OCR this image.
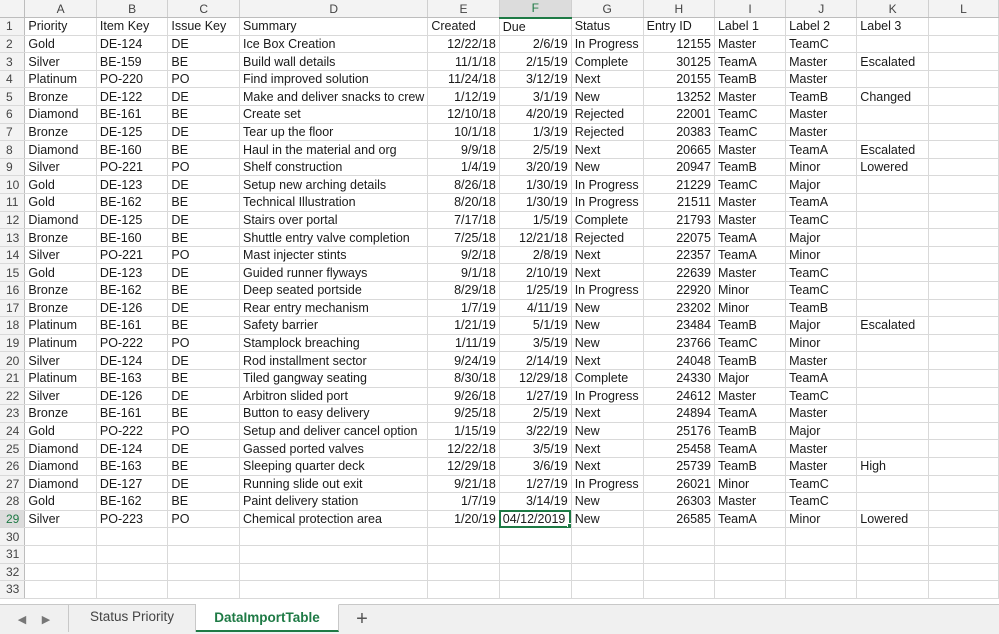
	A	B	C	D	E	F	G	H	I	J	K	L
1	Priority	Item Key	Issue Key	Summary	Created	Due	Status	Entry ID	Label 1	Label 2	Label 3	
2	Gold	DE-124	DE	Ice Box Creation	12/22/18	2/6/19	In Progress	12155	Master	TeamC		
3	Silver	BE-159	BE	Build wall details	11/1/18	2/15/19	Complete	30125	TeamA	Master	Escalated	
4	Platinum	PO-220	PO	Find improved solution	11/24/18	3/12/19	Next	20155	TeamB	Master		
5	Bronze	DE-122	DE	Make and deliver snacks to crew	1/12/19	3/1/19	New	13252	Master	TeamB	Changed	
6	Diamond	BE-161	BE	Create set	12/10/18	4/20/19	Rejected	22001	TeamC	Master		
7	Bronze	DE-125	DE	Tear up the floor	10/1/18	1/3/19	Rejected	20383	TeamC	Master		
8	Diamond	BE-160	BE	Haul in the material and org	9/9/18	2/5/19	Next	20665	Master	TeamA	Escalated	
9	Silver	PO-221	PO	Shelf construction	1/4/19	3/20/19	New	20947	TeamB	Minor	Lowered	
10	Gold	DE-123	DE	Setup new arching details	8/26/18	1/30/19	In Progress	21229	TeamC	Major		
11	Gold	BE-162	BE	Technical Illustration	8/20/18	1/30/19	In Progress	21511	Master	TeamA		
12	Diamond	DE-125	DE	Stairs over portal	7/17/18	1/5/19	Complete	21793	Master	TeamC		
13	Bronze	BE-160	BE	Shuttle entry valve completion	7/25/18	12/21/18	Rejected	22075	TeamA	Major		
14	Silver	PO-221	PO	Mast injecter stints	9/2/18	2/8/19	Next	22357	TeamA	Minor		
15	Gold	DE-123	DE	Guided runner flyways	9/1/18	2/10/19	Next	22639	Master	TeamC		
16	Bronze	BE-162	BE	Deep seated portside	8/29/18	1/25/19	In Progress	22920	Minor	TeamC		
17	Bronze	DE-126	DE	Rear entry mechanism	1/7/19	4/11/19	New	23202	Minor	TeamB		
18	Platinum	BE-161	BE	Safety barrier	1/21/19	5/1/19	New	23484	TeamB	Major	Escalated	
19	Platinum	PO-222	PO	Stamplock breaching	1/11/19	3/5/19	New	23766	TeamC	Minor		
20	Silver	DE-124	DE	Rod installment sector	9/24/19	2/14/19	Next	24048	TeamB	Master		
21	Platinum	BE-163	BE	Tiled gangway seating	8/30/18	12/29/18	Complete	24330	Major	TeamA		
22	Silver	DE-126	DE	Arbitron slided port	9/26/18	1/27/19	In Progress	24612	Master	TeamC		
23	Bronze	BE-161	BE	Button to easy delivery	9/25/18	2/5/19	Next	24894	TeamA	Master		
24	Gold	PO-222	PO	Setup and deliver cancel option	1/15/19	3/22/19	New	25176	TeamB	Major		
25	Diamond	DE-124	DE	Gassed ported valves	12/22/18	3/5/19	Next	25458	TeamA	Master		
26	Diamond	BE-163	BE	Sleeping quarter deck	12/29/18	3/6/19	Next	25739	TeamB	Master	High	
27	Diamond	DE-127	DE	Running slide out exit	9/21/18	1/27/19	In Progress	26021	Minor	TeamC		
28	Gold	BE-162	BE	Paint delivery station	1/7/19	3/14/19	New	26303	Master	TeamC		
29	Silver	PO-223	PO	Chemical protection area	1/20/19	04/12/2019	New	26585	TeamA	Minor	Lowered	
30												
31												
32												
33												
◀ ▶	Status Priority	DataImportTable	+
